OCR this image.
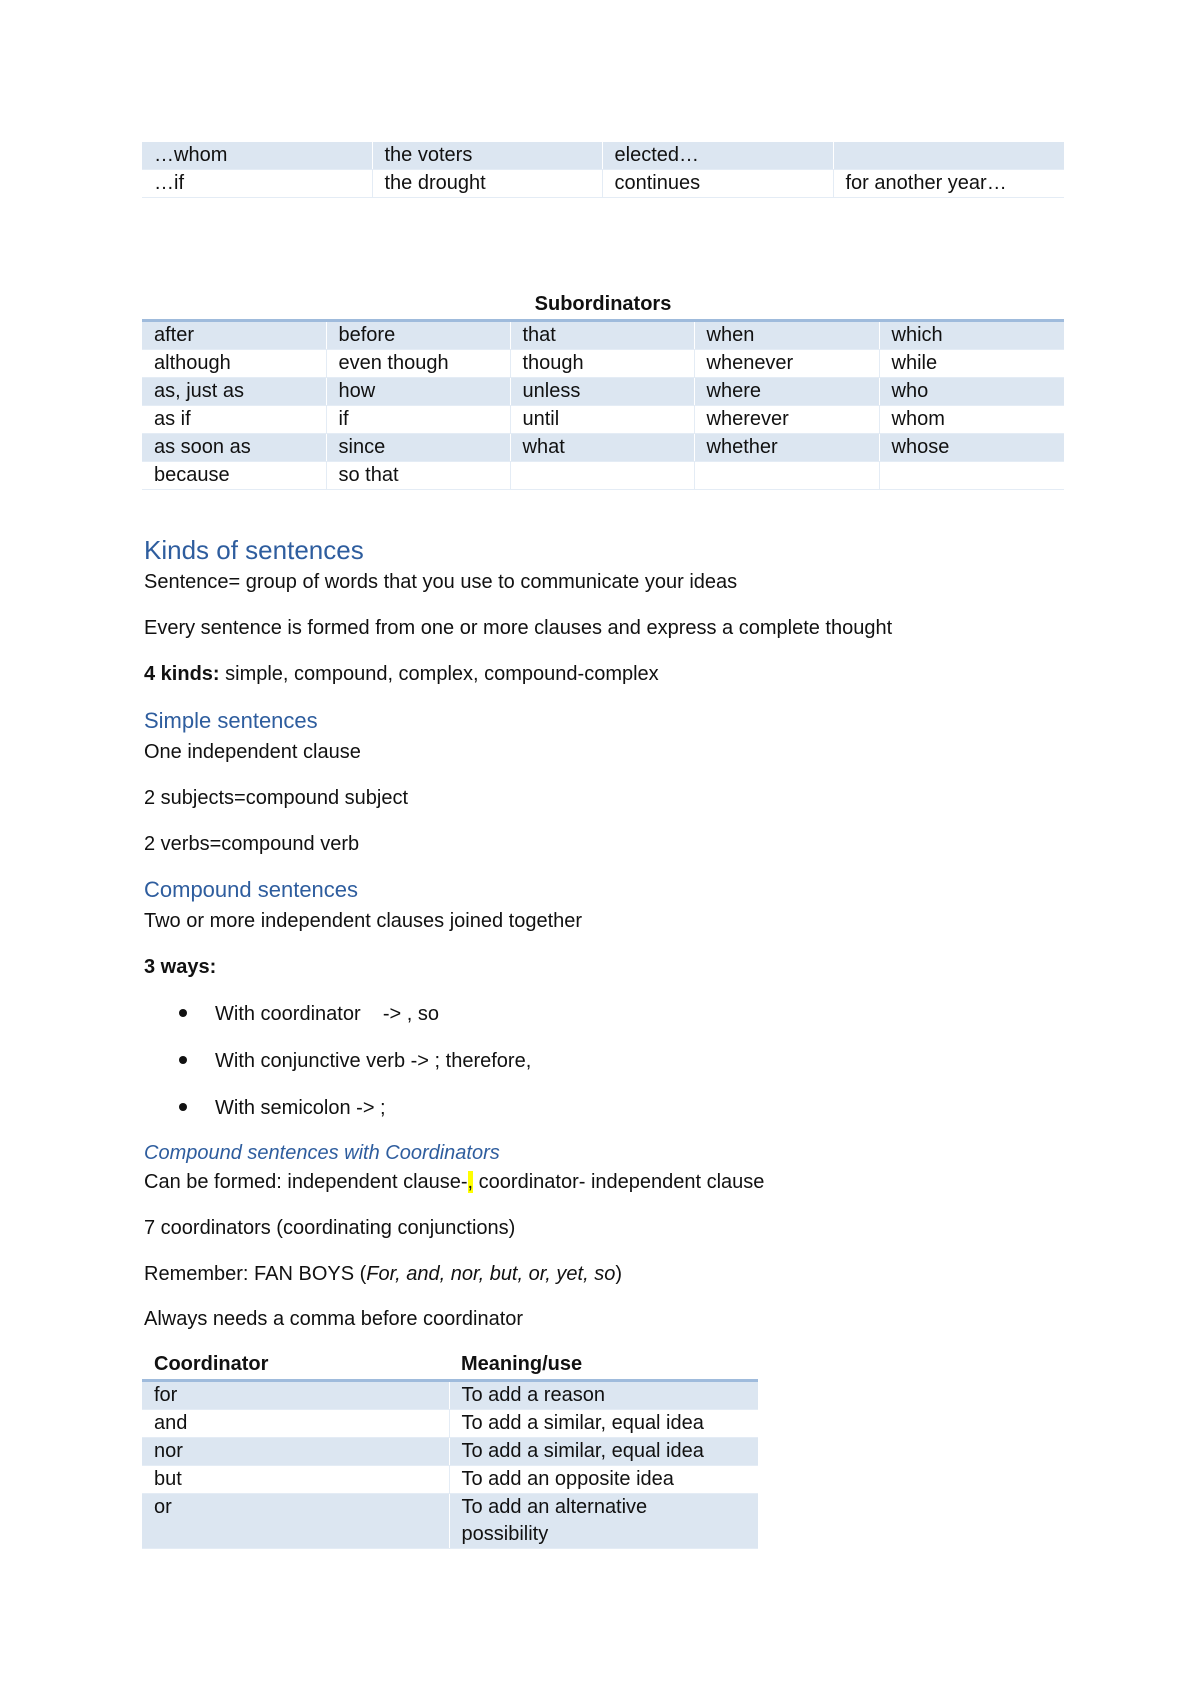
…whom	the voters	elected…	
…if	the drought	continues	for another year…
Subordinators

after	before	that	when	which
although	even though	though	whenever	while
as, just as	how	unless	where	who
as if	if	until	wherever	whom
as soon as	since	what	whether	whose
because	so that			
Kinds of sentences
Sentence= group of words that you use to communicate your ideas
Every sentence is formed from one or more clauses and express a complete thought
4 kinds: simple, compound, complex, compound-complex
Simple sentences
One independent clause
2 subjects=compound subject
2 verbs=compound verb
Compound sentences
Two or more independent clauses joined together
3 ways:
With coordinator    -> , so
With conjunctive verb -> ; therefore,
With semicolon -> ;
Compound sentences with Coordinators
Can be formed: independent clause-, coordinator- independent clause
7 coordinators (coordinating conjunctions)
Remember: FAN BOYS (For, and, nor, but, or, yet, so)
Always needs a comma before coordinator
Coordinator	Meaning/use
for	To add a reason
and	To add a similar, equal idea
nor	To add a similar, equal idea
but	To add an opposite idea
or	To add an alternative possibility
